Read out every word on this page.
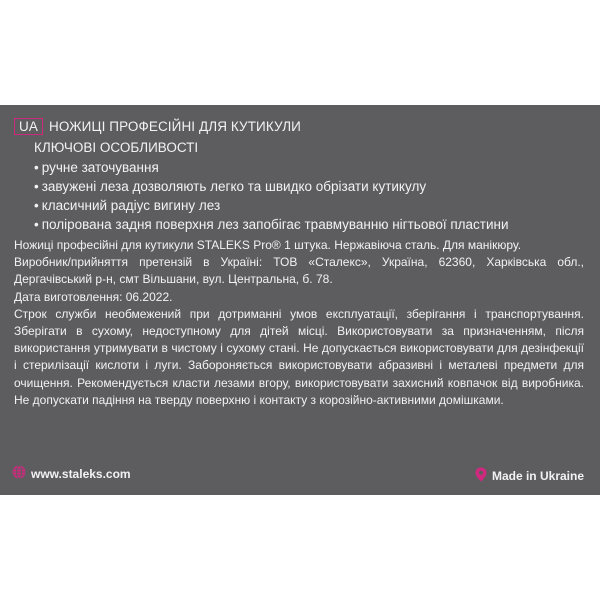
UA НОЖИЦІ ПРОФЕСІЙНІ ДЛЯ КУТИКУЛИ
КЛЮЧОВІ ОСОБЛИВОСТІ
• ручне заточування
• завужені леза дозволяють легко та швидко обрізати кутикулу
• класичний радіус вигину лез
• полірована задня поверхня лез запобігає травмуванню нігтьової пластини

Ножиці професійні для кутикули STALEKS Pro® 1 штука. Нержавіюча сталь. Для манікюру.

Виробник/прийняття претензій в Україні: ТОВ «Сталекс», Україна, 62360, Харківська обл., Дергачівський р-н, смт Вільшани, вул. Центральна, б. 78.

Дата виготовлення: 06.2022.

Строк служби необмежений при дотриманні умов експлуатації, зберігання і транспортування. Зберігати в сухому, недоступному для дітей місці. Використовувати за призначенням, після використання утримувати в чистому і сухому стані. Не допускається використовувати для дезінфекції і стерилізації кислоти і луги. Забороняється використовувати абразивні і металеві предмети для очищення. Рекомендується класти лезами вгору, використовувати захисний ковпачок від виробника. Не допускати падіння на тверду поверхню і контакту з корозійно-активними домішками.

www.staleks.com	Made in Ukraine
